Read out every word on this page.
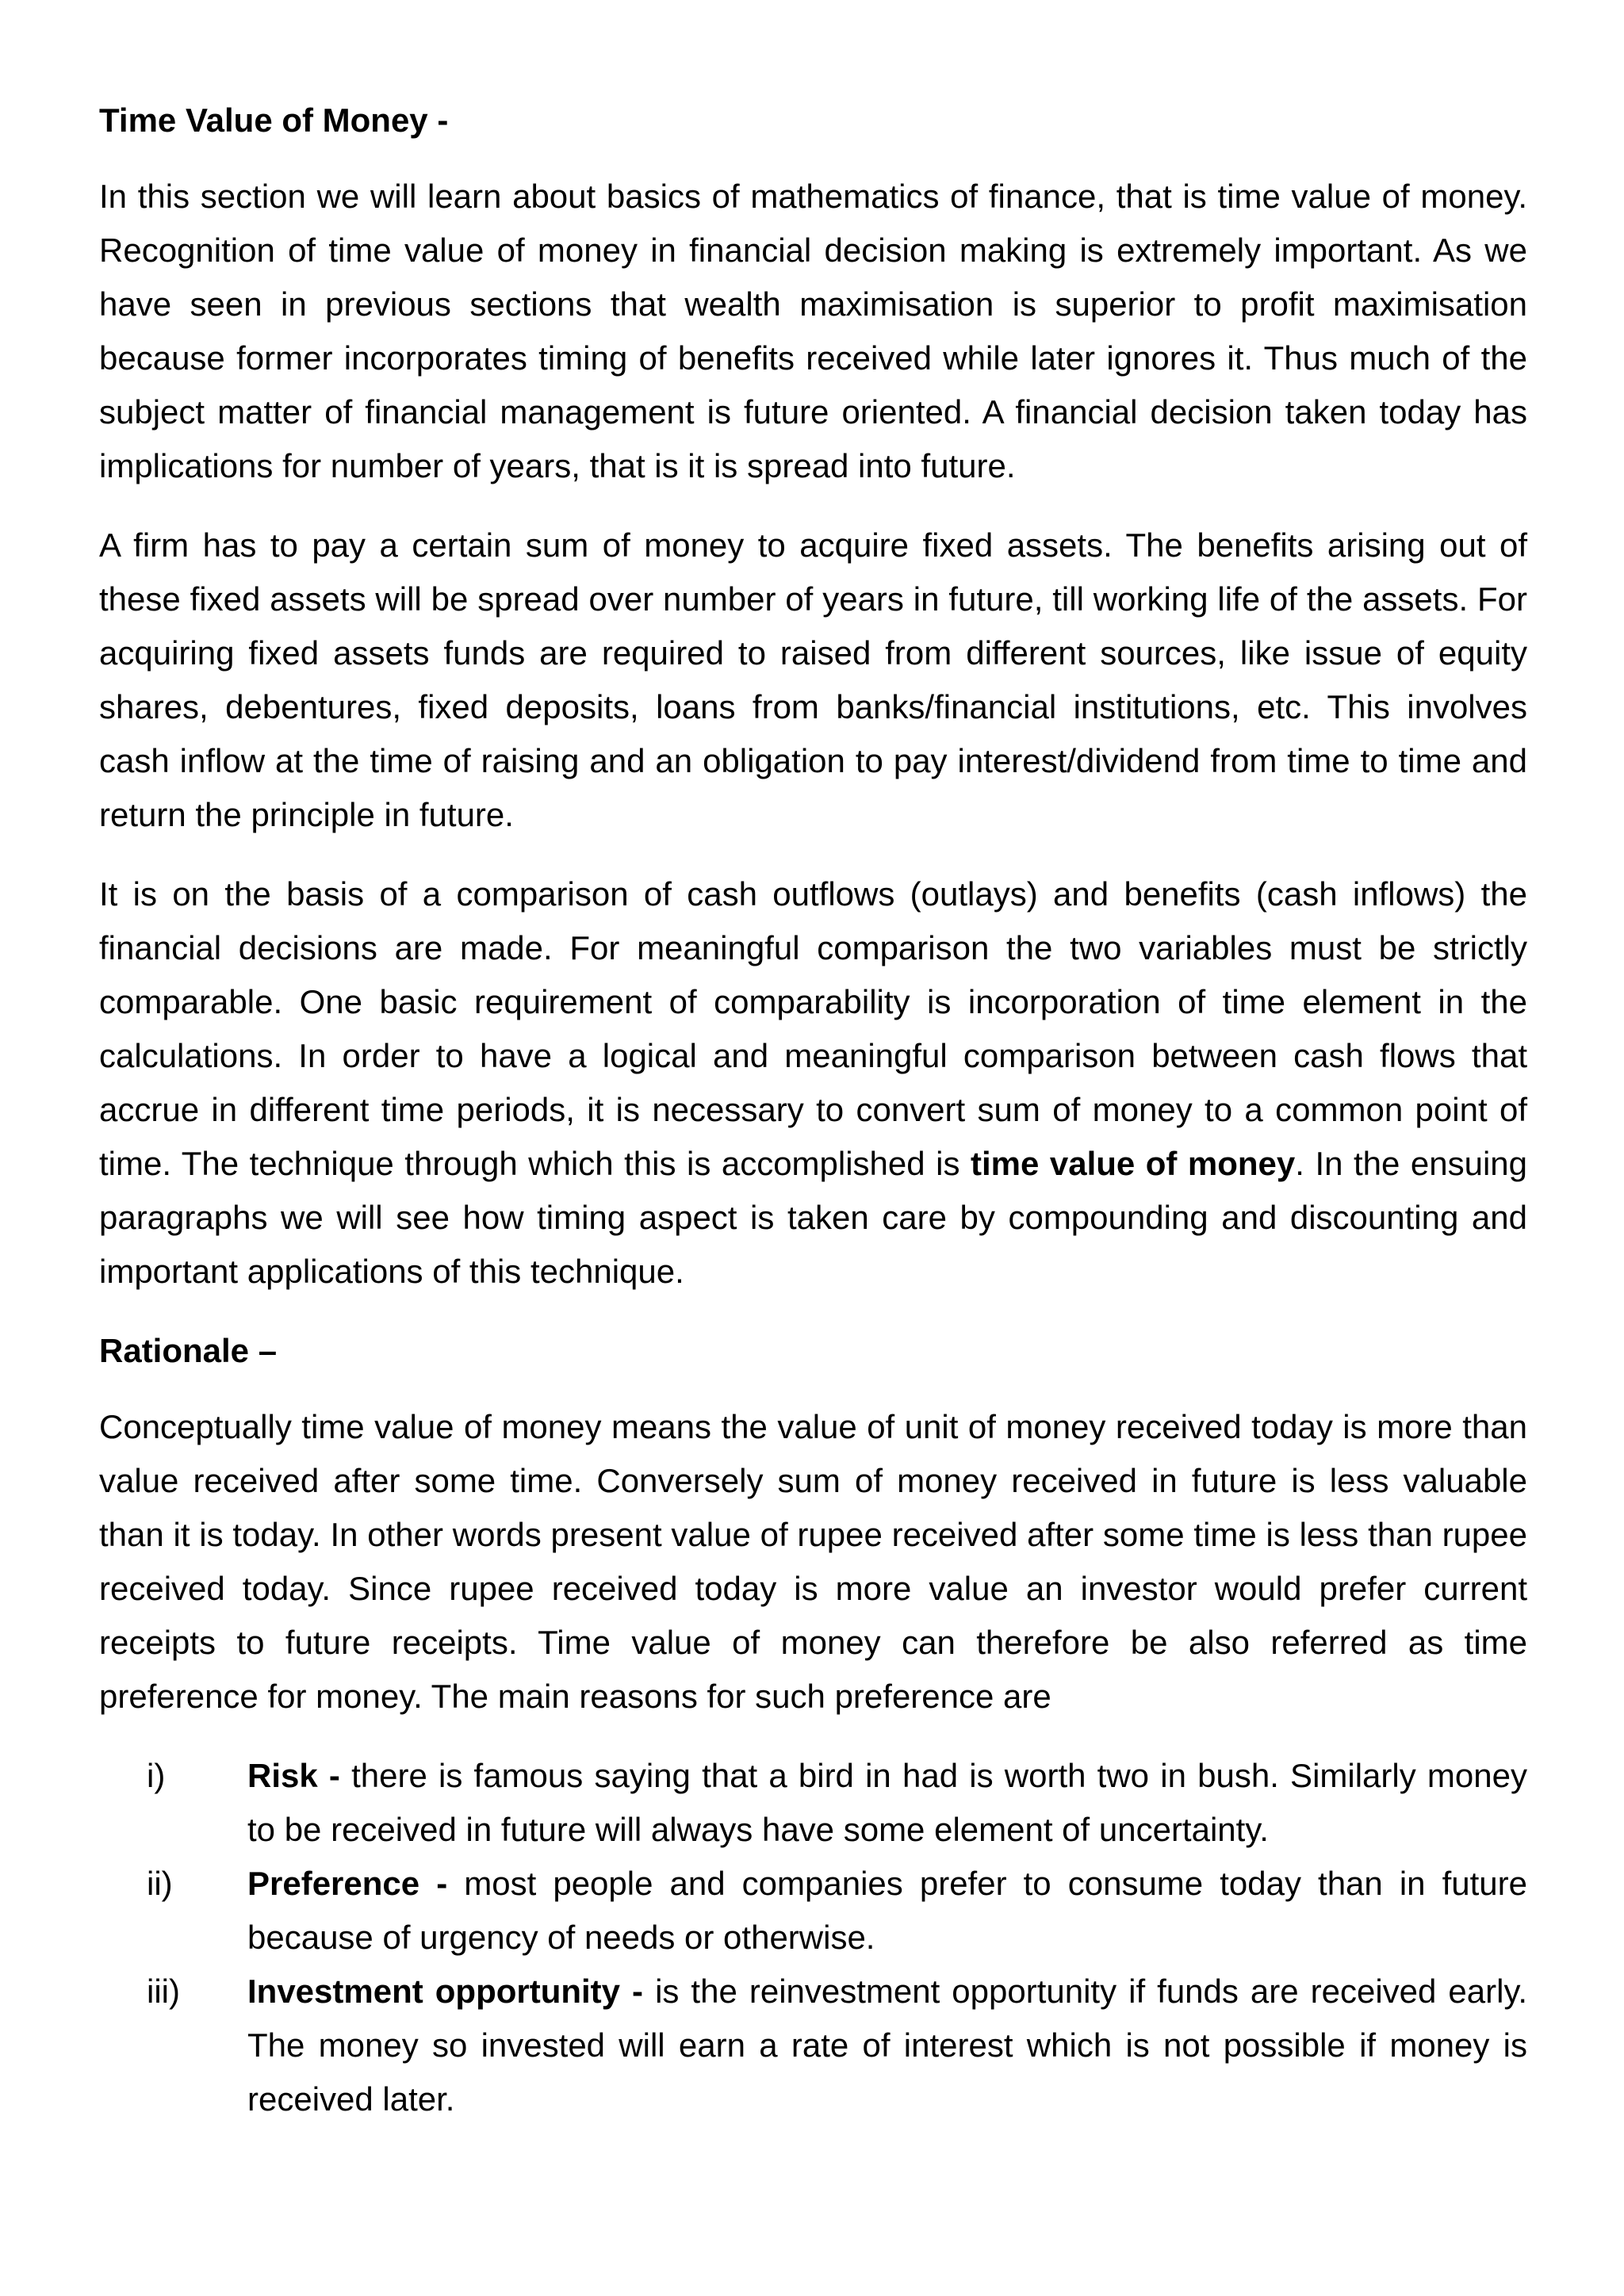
Time Value of Money -

In this section we will learn about basics of mathematics of finance, that is time value of money. Recognition of time value of money in financial decision making is extremely important. As we have seen in previous sections that wealth maximisation is superior to profit maximisation because former incorporates timing of benefits received while later ignores it. Thus much of the subject matter of financial management is future oriented. A financial decision taken today has implications for number of years, that is it is spread into future.

A firm has to pay a certain sum of money to acquire fixed assets. The benefits arising out of these fixed assets will be spread over number of years in future, till working life of the assets. For acquiring fixed assets funds are required to raised from different sources, like issue of equity shares, debentures, fixed deposits, loans from banks/financial institutions, etc. This involves cash inflow at the time of raising and an obligation to pay interest/dividend from time to time and return the principle in future.

It is on the basis of a comparison of cash outflows (outlays) and benefits (cash inflows) the financial decisions are made. For meaningful comparison the two variables must be strictly comparable. One basic requirement of comparability is incorporation of time element in the calculations. In order to have a logical and meaningful comparison between cash flows that accrue in different time periods, it is necessary to convert sum of money to a common point of time. The technique through which this is accomplished is time value of money. In the ensuing paragraphs we will see how timing aspect is taken care by compounding and discounting and important applications of this technique.

Rationale –

Conceptually time value of money means the value of unit of money received today is more than value received after some time. Conversely sum of money received in future is less valuable than it is today. In other words present value of rupee received after some time is less than rupee received today. Since rupee received today is more value an investor would prefer current receipts to future receipts. Time value of money can therefore be also referred as time preference for money. The main reasons for such preference are

i)	Risk - there is famous saying that a bird in had is worth two in bush. Similarly money to be received in future will always have some element of uncertainty.
ii)	Preference - most people and companies prefer to consume today than in future because of urgency of needs or otherwise.
iii)	Investment opportunity - is the reinvestment opportunity if funds are received early. The money so invested will earn a rate of interest which is not possible if money is received later.
